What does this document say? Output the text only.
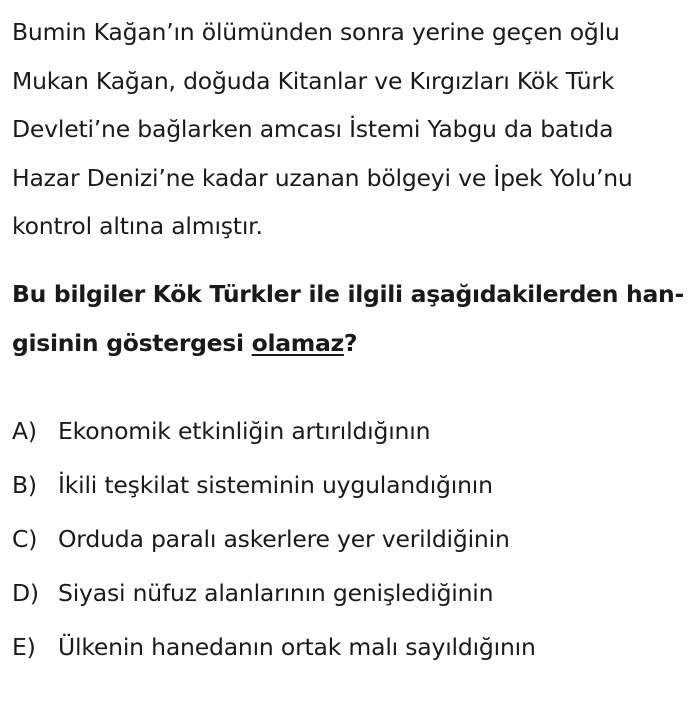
Bumin Kağan’ın ölümünden sonra yerine geçen oğlu
Mukan Kağan, doğuda Kitanlar ve Kırgızları Kök Türk
Devleti’ne bağlarken amcası İstemi Yabgu da batıda
Hazar Denizi’ne kadar uzanan bölgeyi ve İpek Yolu’nu
kontrol altına almıştır.
Bu bilgiler Kök Türkler ile ilgili aşağıdakilerden han-
gisinin göstergesi olamaz?
A) Ekonomik etkinliğin artırıldığının
B) İkili teşkilat sisteminin uygulandığının
C) Orduda paralı askerlere yer verildiğinin
D) Siyasi nüfuz alanlarının genişlediğinin
E) Ülkenin hanedanın ortak malı sayıldığının
